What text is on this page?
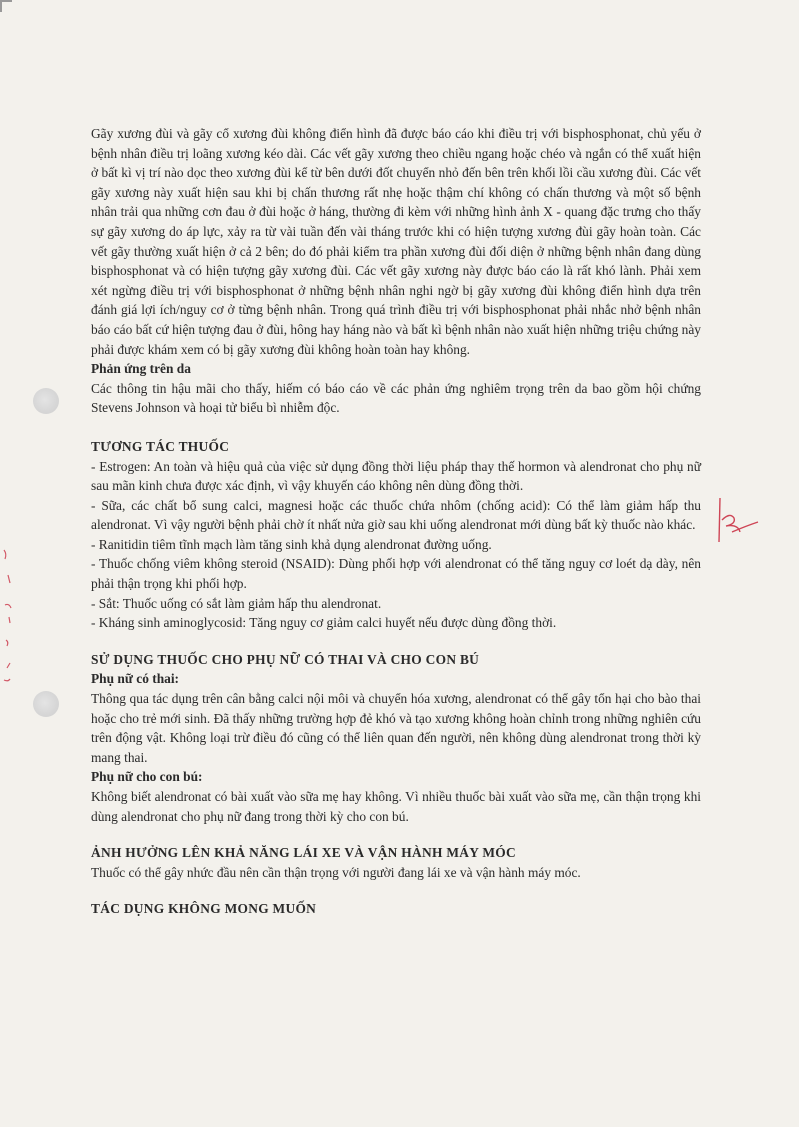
Gãy xương đùi và gãy cổ xương đùi không điển hình đã được báo cáo khi điều trị với bisphosphonat, chủ yếu ở bệnh nhân điều trị loãng xương kéo dài. Các vết gãy xương theo chiều ngang hoặc chéo và ngắn có thể xuất hiện ở bất kì vị trí nào dọc theo xương đùi kể từ bên dưới đốt chuyển nhỏ đến bên trên khối lồi cầu xương đùi. Các vết gãy xương này xuất hiện sau khi bị chấn thương rất nhẹ hoặc thậm chí không có chấn thương và một số bệnh nhân trải qua những cơn đau ở đùi hoặc ở háng, thường đi kèm với những hình ảnh X - quang đặc trưng cho thấy sự gãy xương do áp lực, xảy ra từ vài tuần đến vài tháng trước khi có hiện tượng xương đùi gãy hoàn toàn. Các vết gãy thường xuất hiện ở cả 2 bên; do đó phải kiểm tra phần xương đùi đối diện ở những bệnh nhân đang dùng bisphosphonat và có hiện tượng gãy xương đùi. Các vết gãy xương này được báo cáo là rất khó lành. Phải xem xét ngừng điều trị với bisphosphonat ở những bệnh nhân nghi ngờ bị gãy xương đùi không điển hình dựa trên đánh giá lợi ích/nguy cơ ở từng bệnh nhân. Trong quá trình điều trị với bisphosphonat phải nhắc nhở bệnh nhân báo cáo bất cứ hiện tượng đau ở đùi, hông hay háng nào và bất kì bệnh nhân nào xuất hiện những triệu chứng này phải được khám xem có bị gãy xương đùi không hoàn toàn hay không.

Phản ứng trên da

Các thông tin hậu mãi cho thấy, hiếm có báo cáo về các phản ứng nghiêm trọng trên da bao gồm hội chứng Stevens Johnson và hoại tử biểu bì nhiễm độc.

TƯƠNG TÁC THUỐC

- Estrogen: An toàn và hiệu quả của việc sử dụng đồng thời liệu pháp thay thế hormon và alendronat cho phụ nữ sau mãn kinh chưa được xác định, vì vậy khuyến cáo không nên dùng đồng thời.

- Sữa, các chất bổ sung calci, magnesi hoặc các thuốc chứa nhôm (chống acid): Có thể làm giảm hấp thu alendronat. Vì vậy người bệnh phải chờ ít nhất nửa giờ sau khi uống alendronat mới dùng bất kỳ thuốc nào khác.

- Ranitidin tiêm tĩnh mạch làm tăng sinh khả dụng alendronat đường uống.

- Thuốc chống viêm không steroid (NSAID): Dùng phối hợp với alendronat có thể tăng nguy cơ loét dạ dày, nên phải thận trọng khi phối hợp.

- Sắt: Thuốc uống có sắt làm giảm hấp thu alendronat.

- Kháng sinh aminoglycosid: Tăng nguy cơ giảm calci huyết nếu được dùng đồng thời.

SỬ DỤNG THUỐC CHO PHỤ NỮ CÓ THAI VÀ CHO CON BÚ

Phụ nữ có thai:

Thông qua tác dụng trên cân bằng calci nội môi và chuyển hóa xương, alendronat có thể gây tổn hại cho bào thai hoặc cho trẻ mới sinh. Đã thấy những trường hợp đẻ khó và tạo xương không hoàn chỉnh trong những nghiên cứu trên động vật. Không loại trừ điều đó cũng có thể liên quan đến người, nên không dùng alendronat trong thời kỳ mang thai.

Phụ nữ cho con bú:

Không biết alendronat có bài xuất vào sữa mẹ hay không. Vì nhiều thuốc bài xuất vào sữa mẹ, cần thận trọng khi dùng alendronat cho phụ nữ đang trong thời kỳ cho con bú.

ẢNH HƯỞNG LÊN KHẢ NĂNG LÁI XE VÀ VẬN HÀNH MÁY MÓC

Thuốc có thể gây nhức đầu nên cần thận trọng với người đang lái xe và vận hành máy móc.

TÁC DỤNG KHÔNG MONG MUỐN
